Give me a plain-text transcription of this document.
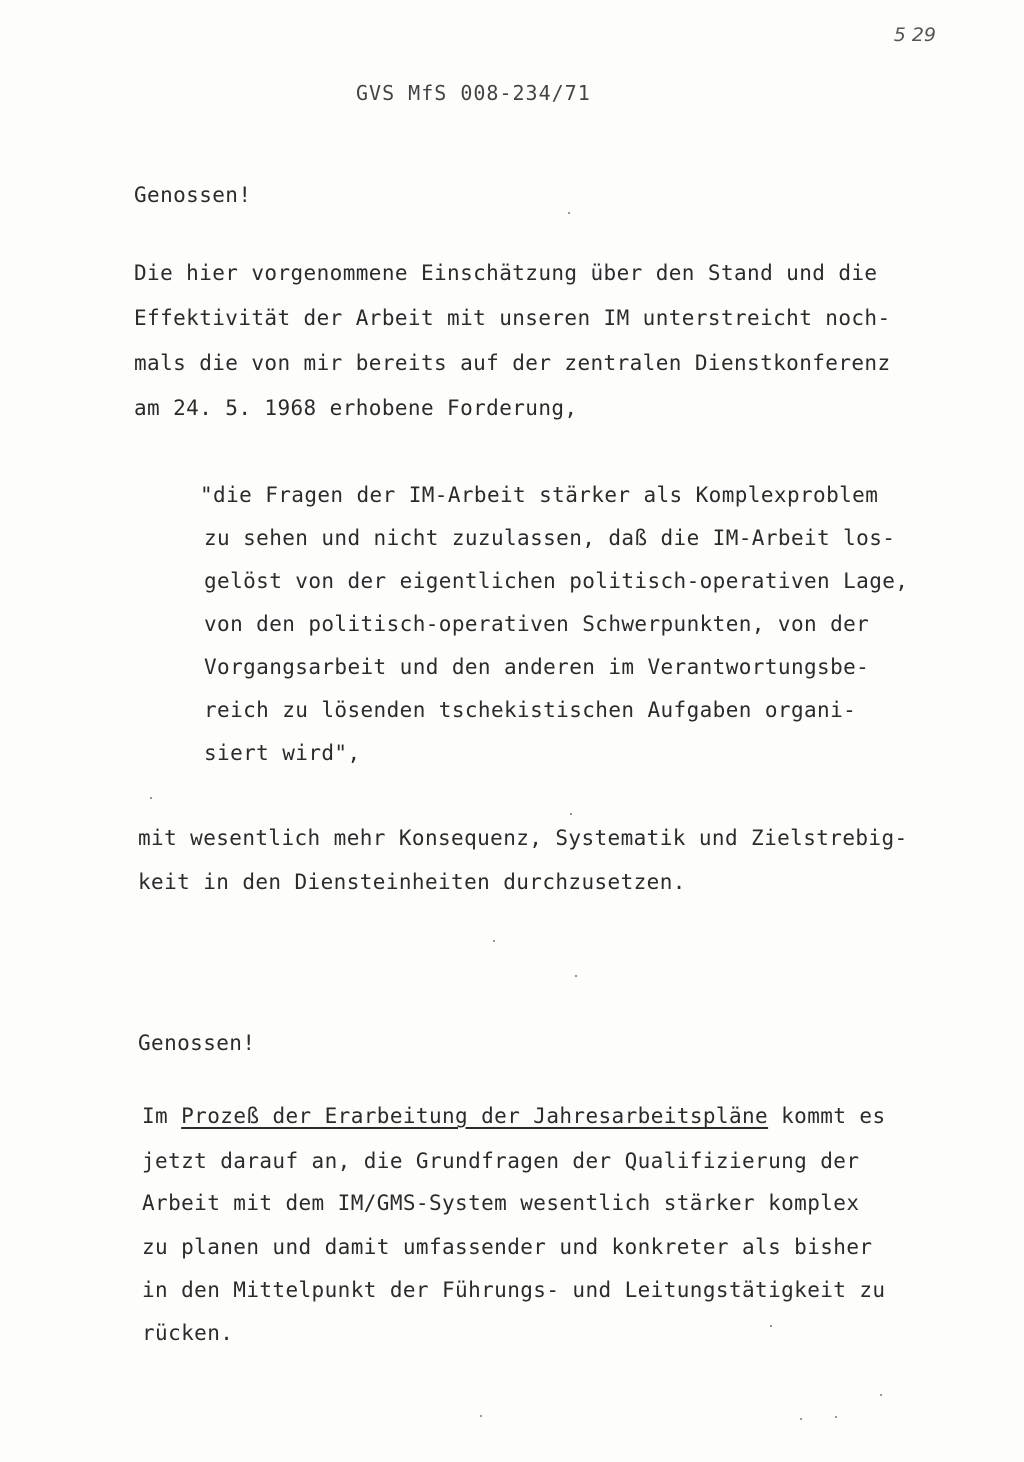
5 29
GVS MfS 008-234/71
Genossen!
Die hier vorgenommene Einschätzung über den Stand und die
Effektivität der Arbeit mit unseren IM unterstreicht noch-
mals die von mir bereits auf der zentralen Dienstkonferenz
am 24. 5. 1968 erhobene Forderung,
"die Fragen der IM-Arbeit stärker als Komplexproblem
zu sehen und nicht zuzulassen, daß die IM-Arbeit los-
gelöst von der eigentlichen politisch-operativen Lage,
von den politisch-operativen Schwerpunkten, von der
Vorgangsarbeit und den anderen im Verantwortungsbe-
reich zu lösenden tschekistischen Aufgaben organi-
siert wird",
mit wesentlich mehr Konsequenz, Systematik und Zielstrebig-
keit in den Diensteinheiten durchzusetzen.
Genossen!
Im Prozeß der Erarbeitung der Jahresarbeitspläne kommt es
jetzt darauf an, die Grundfragen der Qualifizierung der
Arbeit mit dem IM/GMS-System wesentlich stärker komplex
zu planen und damit umfassender und konkreter als bisher
in den Mittelpunkt der Führungs- und Leitungstätigkeit zu
rücken.
